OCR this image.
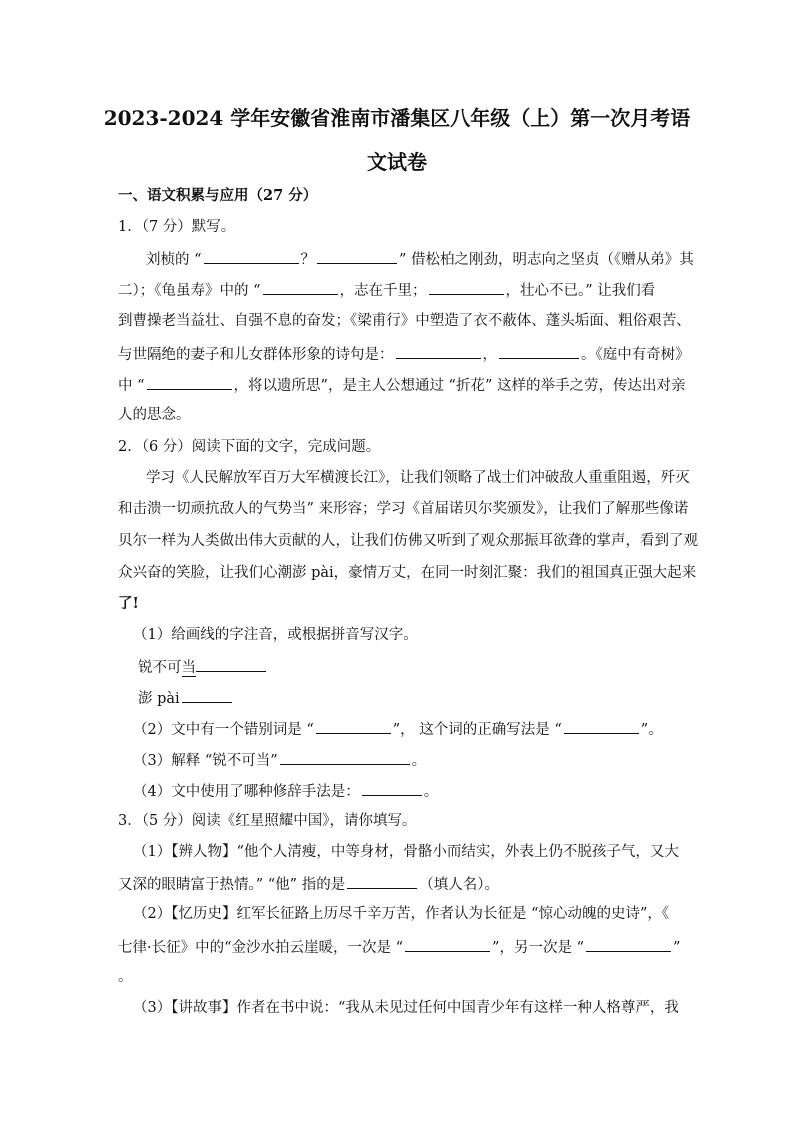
2023-2024 学年安徽省淮南市潘集区八年级（上）第一次月考语
文试卷
一、语文积累与应用（27 分）
1．（7 分）默写。
刘桢的 “	？	” 借松柏之刚劲，明志向之坚贞（《赠从弟》其
二）；《龟虽寿》中的 “	，志在千里；	，壮心不已。” 让我们看
到曹操老当益壮、自强不息的奋发；《梁甫行》中塑造了衣不蔽体、蓬头垢面、粗俗艰苦、
与世隔绝的妻子和儿女群体形象的诗句是：	，	。《庭中有奇树》
中 “	，将以遗所思”，是主人公想通过 “折花” 这样的举手之劳，传达出对亲
人的思念。
2．（6 分）阅读下面的文字，完成问题。
学习《人民解放军百万大军横渡长江》，让我们领略了战士们冲破敌人重重阻遏，歼灭
和击溃一切顽抗敌人的气势当” 来形容；学习《首届诺贝尔奖颁发》，让我们了解那些像诺
贝尔一样为人类做出伟大贡献的人，让我们仿佛又听到了观众那振耳欲聋的掌声，看到了观
众兴奋的笑脸，让我们心潮澎 pài，豪情万丈，在同一时刻汇聚：我们的祖国真正强大起来
了!
（1）给画线的字注音，或根据拼音写汉字。
锐不可当
澎 pài
（2）文中有一个错别词是 “	”， 这个词的正确写法是 “	”。
（3）解释 “锐不可当”	。
（4）文中使用了哪种修辞手法是：	。
3．（5 分）阅读《红星照耀中国》，请你填写。
（1）【辨人物】“他个人清瘦，中等身材，骨骼小而结实，外表上仍不脱孩子气，又大
又深的眼睛富于热情。” “他” 指的是	（填人名）。
（2）【忆历史】红军长征路上历尽千辛万苦，作者认为长征是 “惊心动魄的史诗”，《
七律·长征》中的“金沙水拍云崖暖，一次是 “	”，另一次是 “	”
。
（3）【讲故事】作者在书中说：“我从未见过任何中国青少年有这样一种人格尊严，我
